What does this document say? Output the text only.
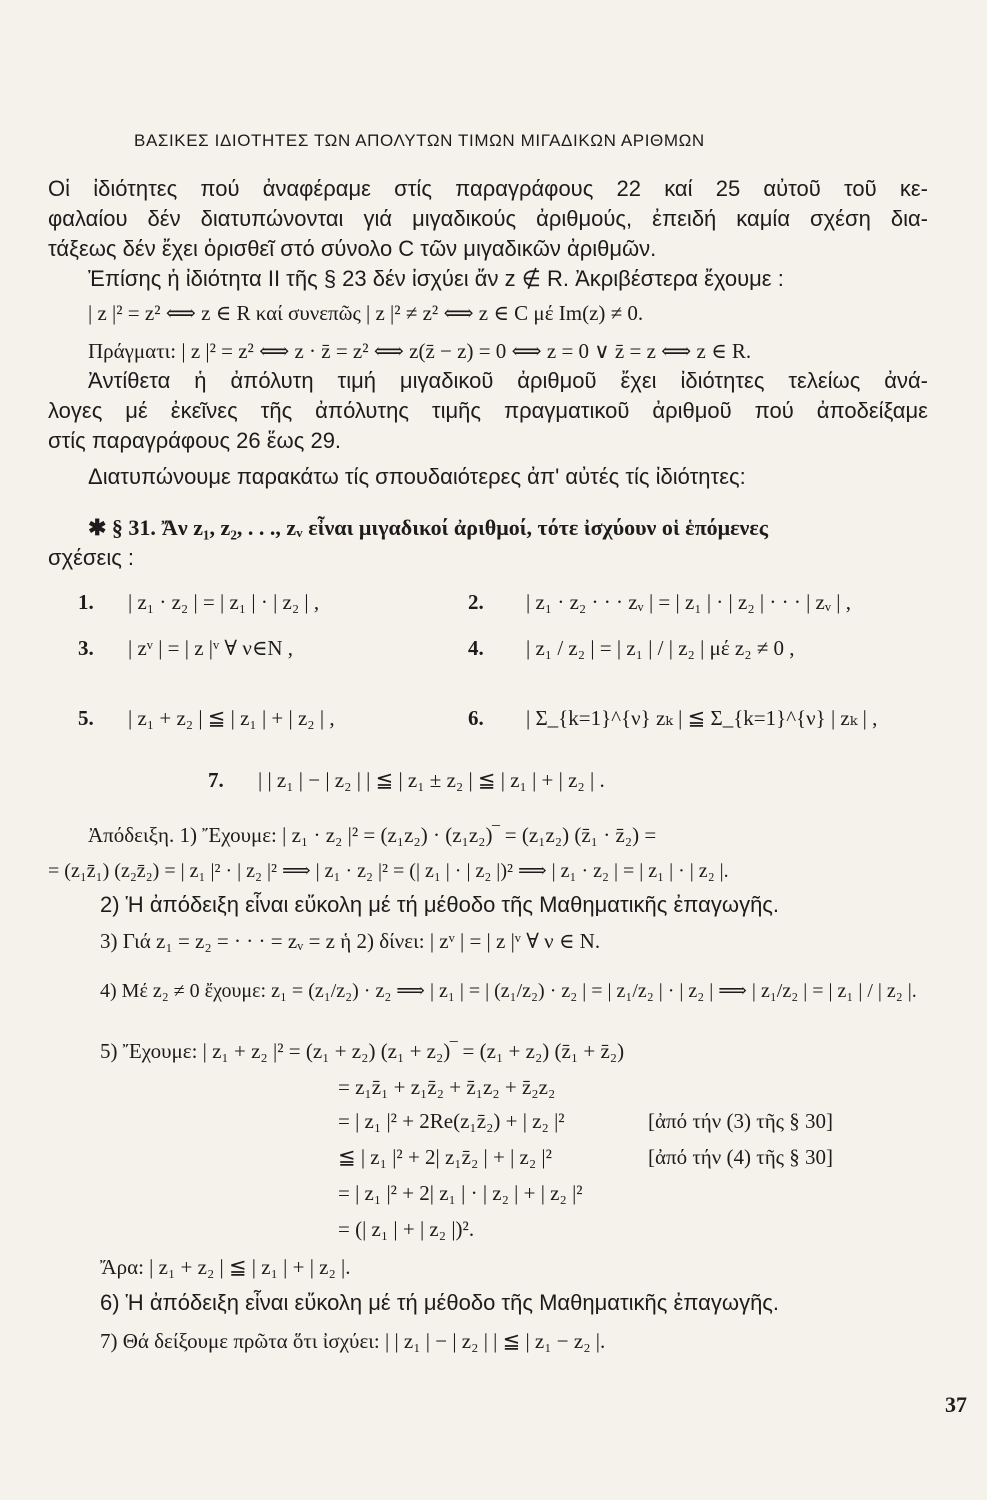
ΒΑΣΙΚΕΣ ΙΔΙΟΤΗΤΕΣ ΤΩΝ ΑΠΟΛΥΤΩΝ ΤΙΜΩΝ ΜΙΓΑΔΙΚΩΝ ΑΡΙΘΜΩΝ
Οἱ ἰδιότητες πού ἀναφέραμε στίς παραγράφους 22 καί 25 αὐτοῦ τοῦ κε-
φαλαίου δέν διατυπώνονται γιά μιγαδικούς ἀριθμούς, ἐπειδή καμία σχέση δια-
τάξεως δέν ἔχει ὁρισθεῖ στό σύνολο C τῶν μιγαδικῶν ἀριθμῶν.
Ἐπίσης ἡ ἰδιότητα II τῆς § 23 δέν ἰσχύει ἄν z ∉ R. Ἀκριβέστερα ἔχουμε :
| z |² = z² ⟺ z ∈ R καί συνεπῶς | z |² ≠ z² ⟺ z ∈ C μέ Im(z) ≠ 0.
Πράγματι: | z |² = z² ⟺ z · z̄ = z² ⟺ z(z̄ − z) = 0 ⟺ z = 0 ∨ z̄ = z ⟺ z ∈ R.
Ἀντίθετα ἡ ἀπόλυτη τιμή μιγαδικοῦ ἀριθμοῦ ἔχει ἰδιότητες τελείως ἀνά-
λογες μέ ἐκεῖνες τῆς ἀπόλυτης τιμῆς πραγματικοῦ ἀριθμοῦ πού ἀποδείξαμε
στίς παραγράφους 26 ἕως 29.
Διατυπώνουμε παρακάτω τίς σπουδαιότερες ἀπ' αὐτές τίς ἰδιότητες:
✱ § 31. Ἄν z₁, z₂, . . ., zᵥ εἶναι μιγαδικοί ἀριθμοί, τότε ἰσχύουν οἱ ἑπόμενες
σχέσεις :
1. | z₁ · z₂ | = | z₁ | · | z₂ | ,	2. | z₁ · z₂ · · · zᵥ | = | z₁ | · | z₂ | · · · | zᵥ | ,
3. | zᵛ | = | z |ᵛ ∀ ν∈N ,	4. | z₁ / z₂ | = | z₁ | / | z₂ | μέ z₂ ≠ 0 ,
5. | z₁ + z₂ | ≦ | z₁ | + | z₂ | ,	6. | Σ_{k=1}^{ν} zₖ | ≦ Σ_{k=1}^{ν} | zₖ | ,
7. | | z₁ | − | z₂ | | ≦ | z₁ ± z₂ | ≦ | z₁ | + | z₂ | .
Ἀπόδειξη. 1) Ἔχουμε: | z₁ · z₂ |² = (z₁z₂) · (z₁z₂)‾ = (z₁z₂) (z̄₁ · z̄₂) =
= (z₁z̄₁) (z₂z̄₂) = | z₁ |² · | z₂ |² ⟹ | z₁ · z₂ |² = (| z₁ | · | z₂ |)² ⟹ | z₁ · z₂ | = | z₁ | · | z₂ |.
2) Ἡ ἀπόδειξη εἶναι εὔκολη μέ τή μέθοδο τῆς Μαθηματικῆς ἐπαγωγῆς.
3) Γιά z₁ = z₂ = · · · = zᵥ = z ἡ 2) δίνει: | zᵛ | = | z |ᵛ ∀ ν ∈ N.
4) Μέ z₂ ≠ 0 ἔχουμε: z₁ = (z₁/z₂) · z₂ ⟹ | z₁ | = | (z₁/z₂) · z₂ | = | z₁/z₂ | · | z₂ | ⟹ | z₁/z₂ | = | z₁ | / | z₂ |.
5) Ἔχουμε: | z₁ + z₂ |² = (z₁ + z₂) (z₁ + z₂)‾ = (z₁ + z₂) (z̄₁ + z̄₂)
= z₁z̄₁ + z₁z̄₂ + z̄₁z₂ + z̄₂z₂
= | z₁ |² + 2Re(z₁z̄₂) + | z₂ |²	[ἀπό τήν (3) τῆς § 30]
≦ | z₁ |² + 2| z₁z̄₂ | + | z₂ |²	[ἀπό τήν (4) τῆς § 30]
= | z₁ |² + 2| z₁ | · | z₂ | + | z₂ |²
= (| z₁ | + | z₂ |)².
Ἄρα: | z₁ + z₂ | ≦ | z₁ | + | z₂ |.
6) Ἡ ἀπόδειξη εἶναι εὔκολη μέ τή μέθοδο τῆς Μαθηματικῆς ἐπαγωγῆς.
7) Θά δείξουμε πρῶτα ὅτι ἰσχύει: | | z₁ | − | z₂ | | ≦ | z₁ − z₂ |.
37
